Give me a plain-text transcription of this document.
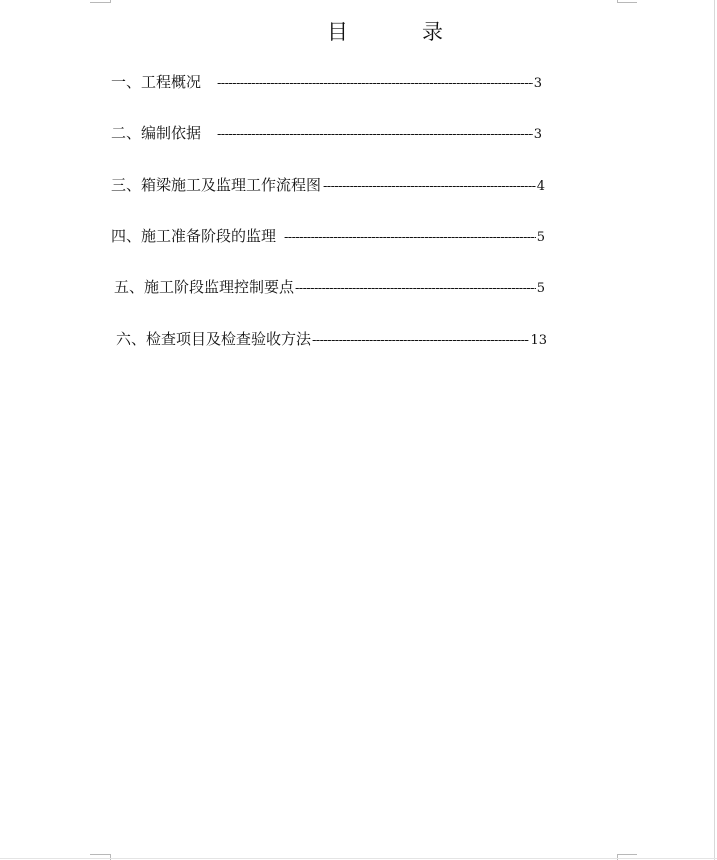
目	录
一、工程概况 -----	3
二、编制依据 -----	3
三、箱梁施工及监理工作流程图 -----	4
四、施工准备阶段的监理 -----	5
五、施工阶段监理控制要点 -----	5
六、检查项目及检查验收方法 -----	13
